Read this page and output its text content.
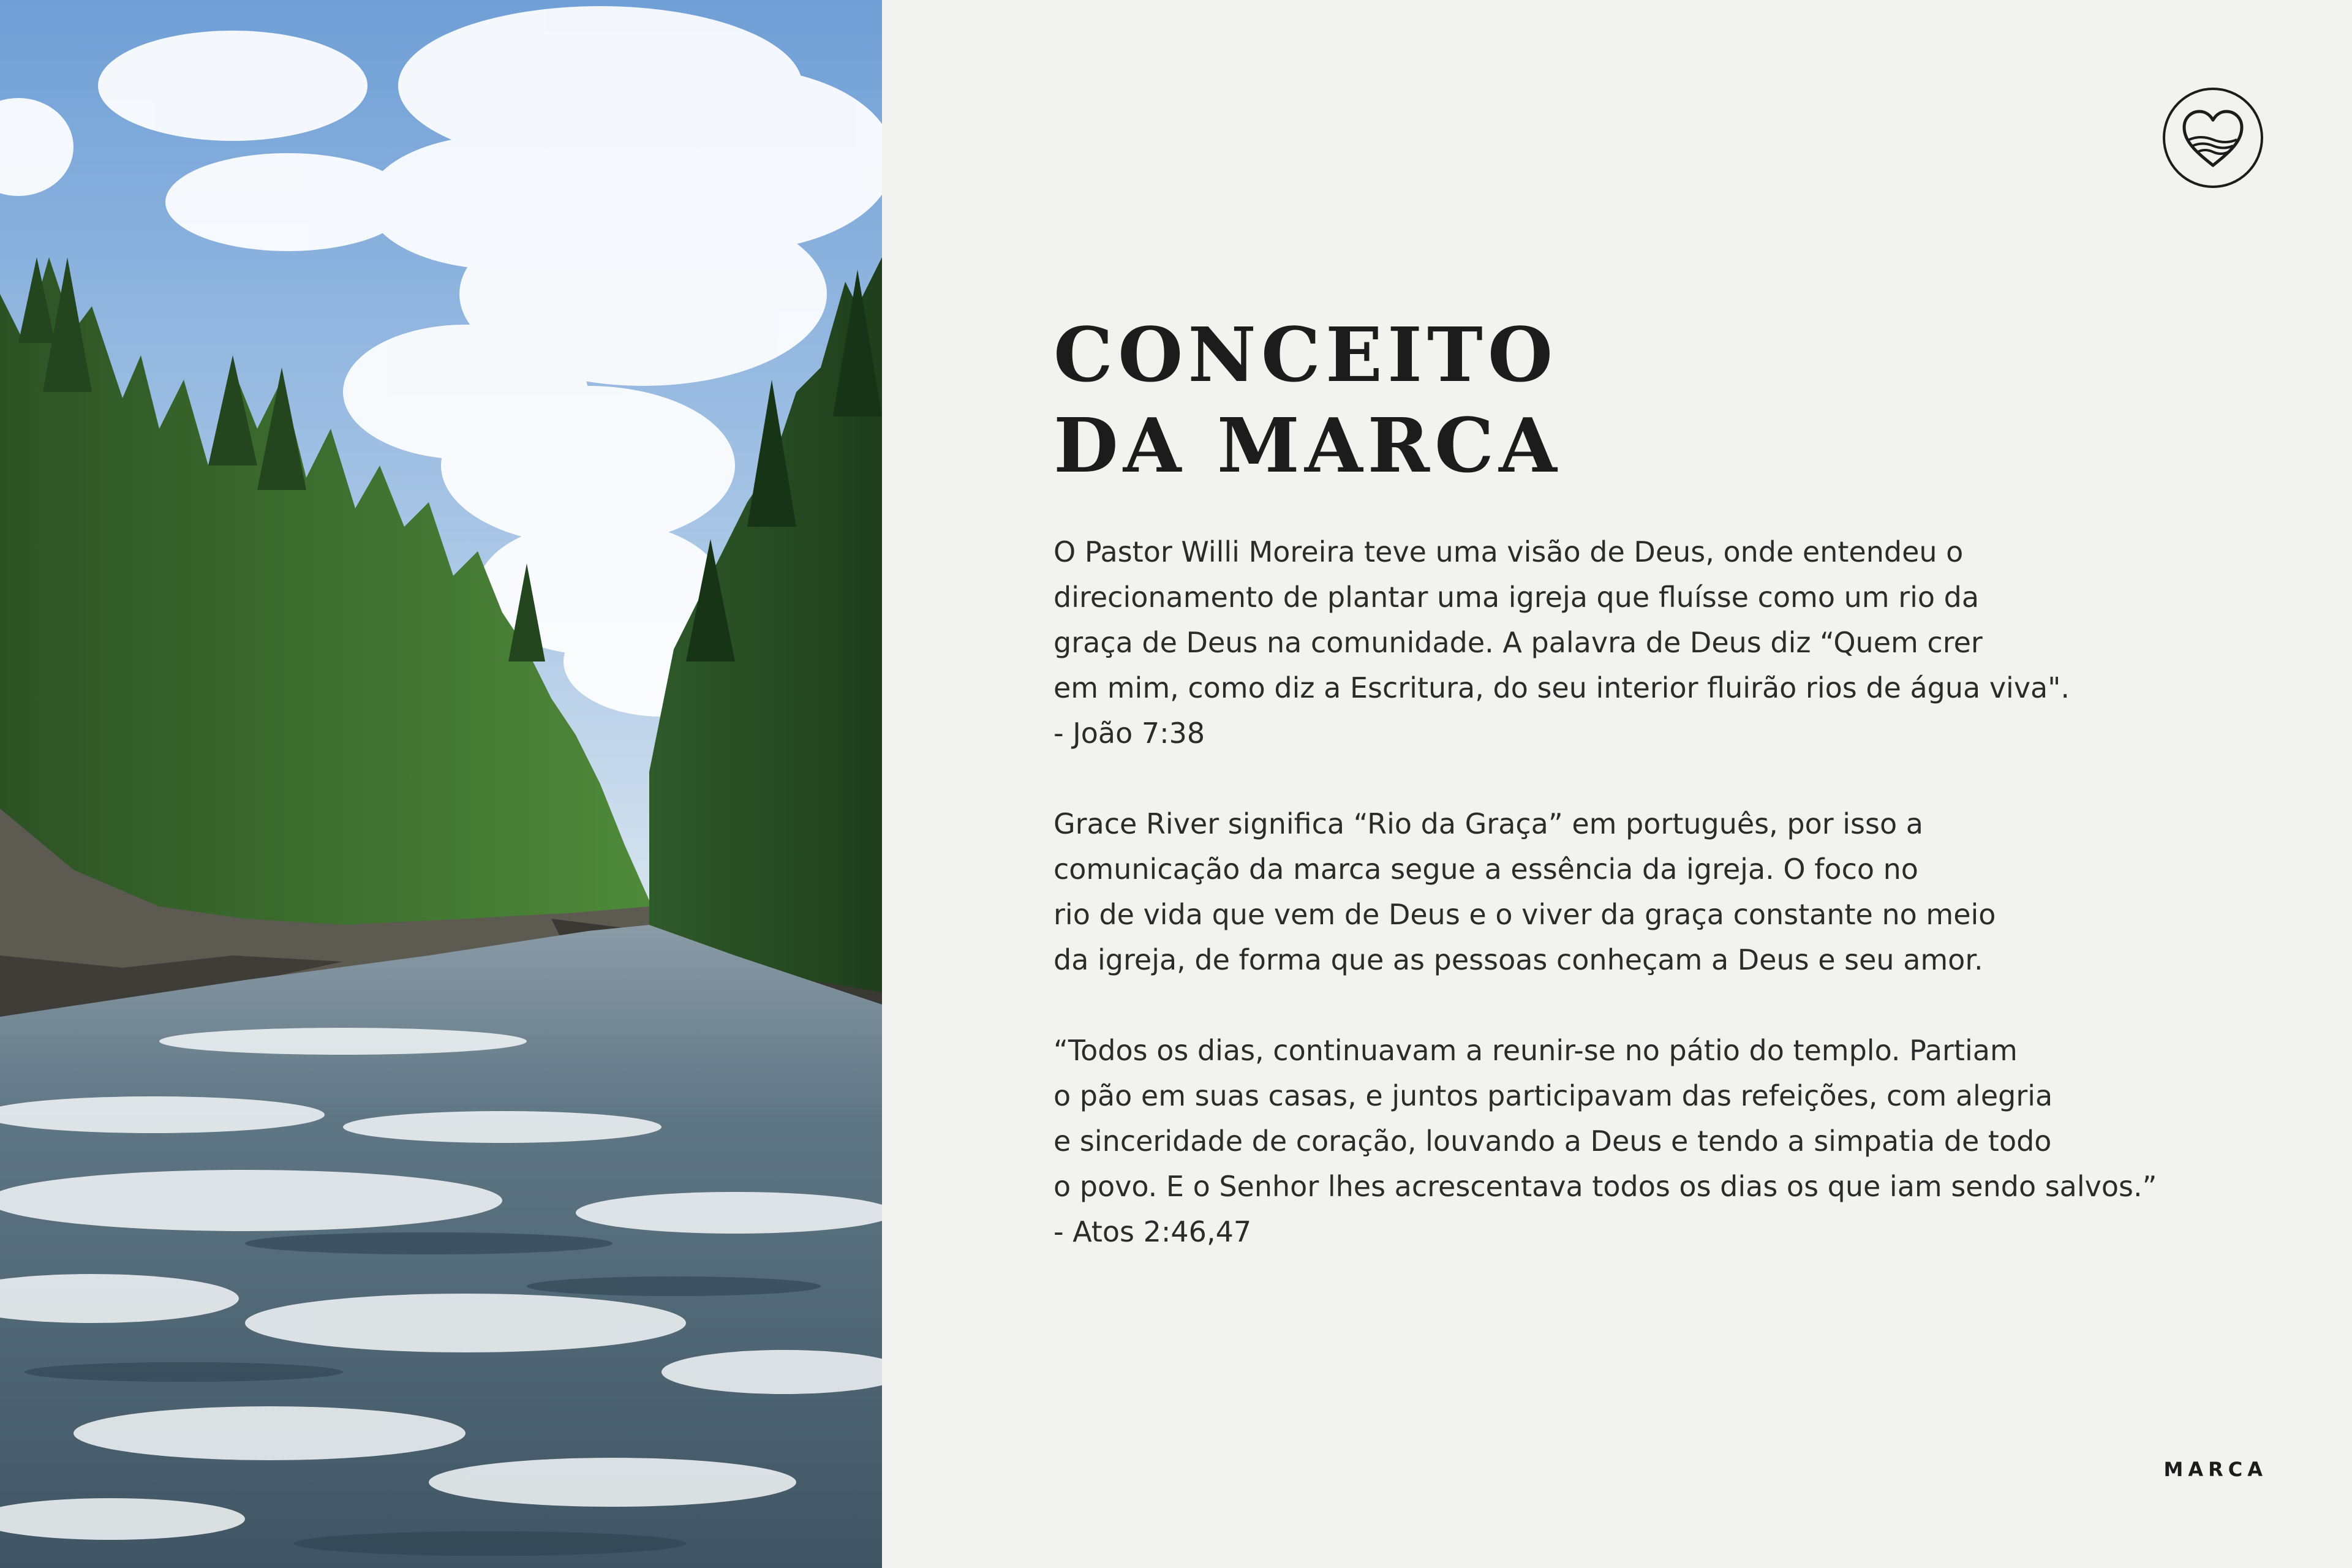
CONCEITO
DA MARCA

O Pastor Willi Moreira teve uma visão de Deus, onde entendeu o
direcionamento de plantar uma igreja que fluísse como um rio da
graça de Deus na comunidade. A palavra de Deus diz “Quem crer
em mim, como diz a Escritura, do seu interior fluirão rios de água viva".
- João 7:38

Grace River significa “Rio da Graça” em português, por isso a
comunicação da marca segue a essência da igreja. O foco no
rio de vida que vem de Deus e o viver da graça constante no meio
da igreja, de forma que as pessoas conheçam a Deus e seu amor.

“Todos os dias, continuavam a reunir-se no pátio do templo. Partiam
o pão em suas casas, e juntos participavam das refeições, com alegria
e sinceridade de coração, louvando a Deus e tendo a simpatia de todo
o povo. E o Senhor lhes acrescentava todos os dias os que iam sendo salvos.”
- Atos 2:46,47

MARCA
